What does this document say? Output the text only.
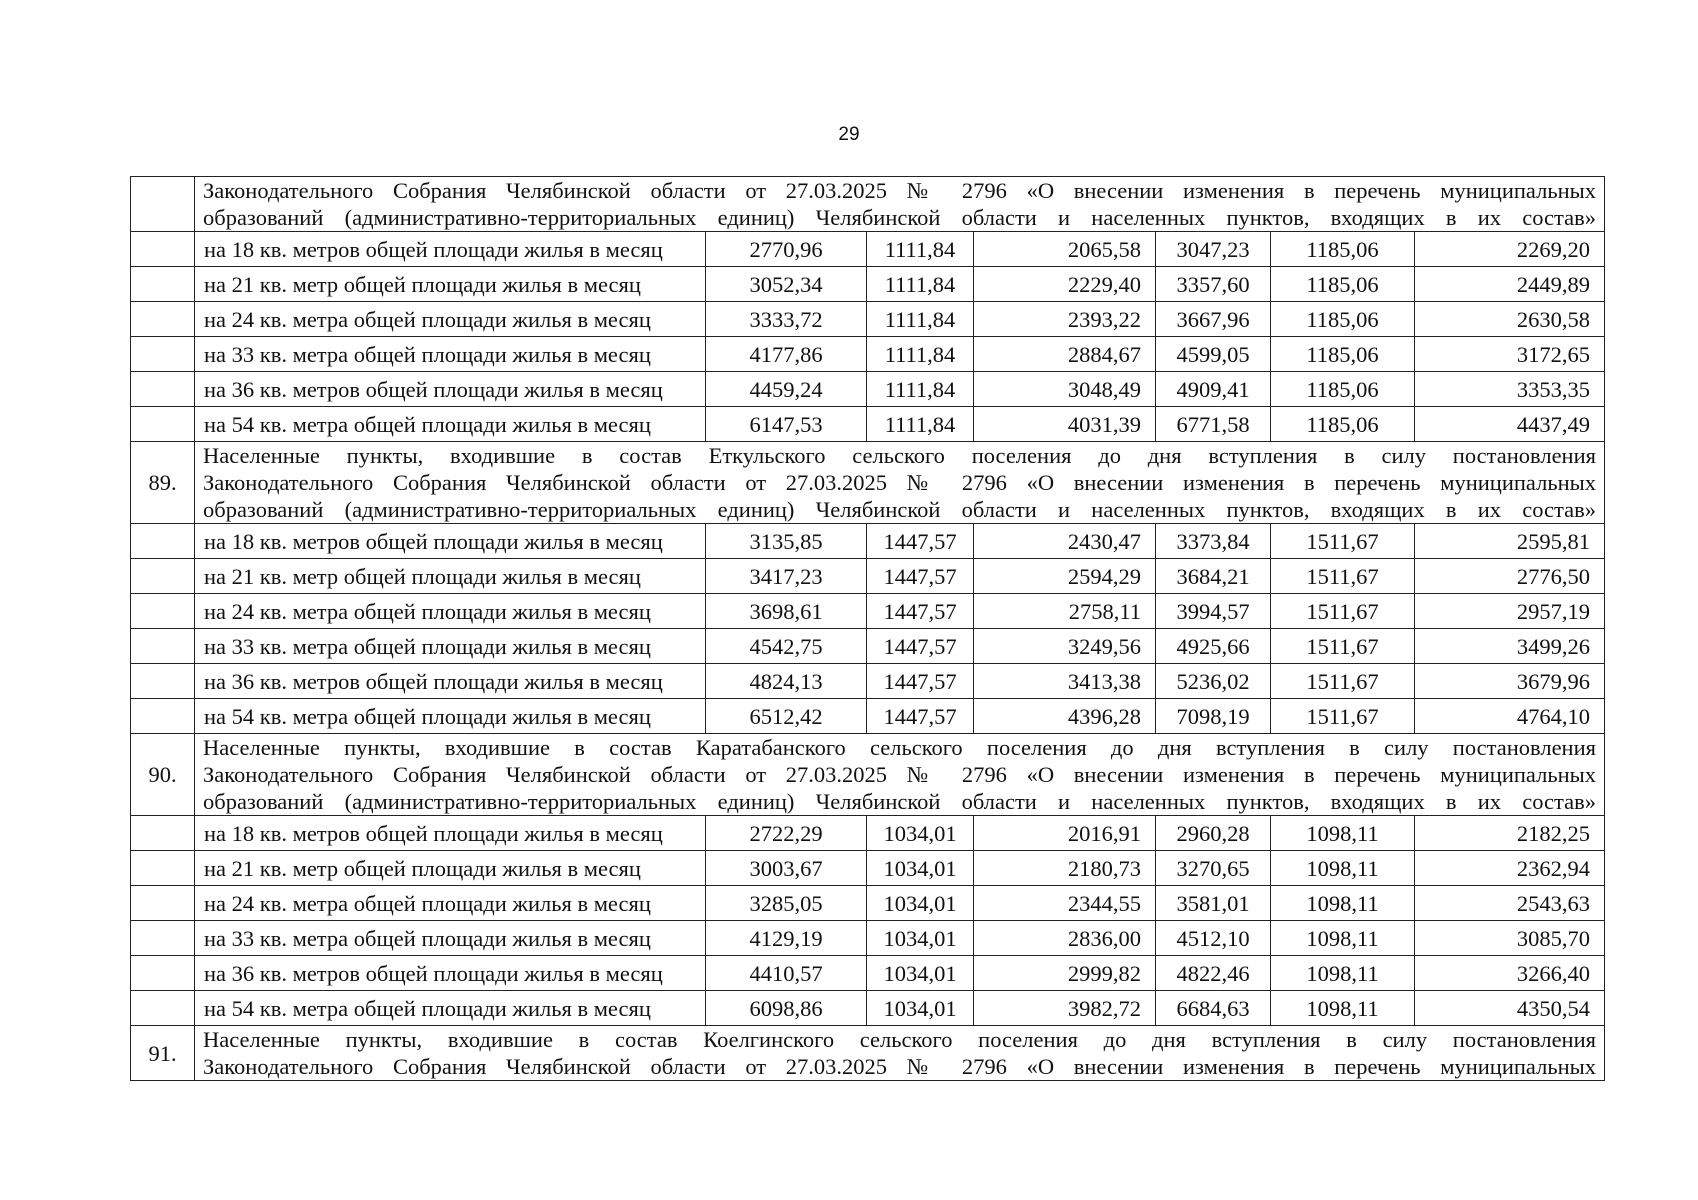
29

	Законодательного Собрания Челябинской области от 27.03.2025 № 2796 «О внесении изменения в перечень муниципальных
образований (административно-территориальных единиц) Челябинской области и населенных пунктов, входящих в их состав»						

	на 18 кв. метров общей площади жилья в месяц	2770,96	1111,84	2065,58	3047,23	1185,06	2269,20
	на 21 кв. метр общей площади жилья в месяц	3052,34	1111,84	2229,40	3357,60	1185,06	2449,89
	на 24 кв. метра общей площади жилья в месяц	3333,72	1111,84	2393,22	3667,96	1185,06	2630,58
	на 33 кв. метра общей площади жилья в месяц	4177,86	1111,84	2884,67	4599,05	1185,06	3172,65
	на 36 кв. метров общей площади жилья в месяц	4459,24	1111,84	3048,49	4909,41	1185,06	3353,35
	на 54 кв. метра общей площади жилья в месяц	6147,53	1111,84	4031,39	6771,58	1185,06	4437,49
89.	Населенные пункты, входившие в состав Еткульского сельского поселения до дня вступления в силу постановления
Законодательного Собрания Челябинской области от 27.03.2025 № 2796 «О внесении изменения в перечень муниципальных
образований (административно-территориальных единиц) Челябинской области и населенных пунктов, входящих в их состав»						

	на 18 кв. метров общей площади жилья в месяц	3135,85	1447,57	2430,47	3373,84	1511,67	2595,81
	на 21 кв. метр общей площади жилья в месяц	3417,23	1447,57	2594,29	3684,21	1511,67	2776,50
	на 24 кв. метра общей площади жилья в месяц	3698,61	1447,57	2758,11	3994,57	1511,67	2957,19
	на 33 кв. метра общей площади жилья в месяц	4542,75	1447,57	3249,56	4925,66	1511,67	3499,26
	на 36 кв. метров общей площади жилья в месяц	4824,13	1447,57	3413,38	5236,02	1511,67	3679,96
	на 54 кв. метра общей площади жилья в месяц	6512,42	1447,57	4396,28	7098,19	1511,67	4764,10
90.	Населенные пункты, входившие в состав Каратабанского сельского поселения до дня вступления в силу постановления
Законодательного Собрания Челябинской области от 27.03.2025 № 2796 «О внесении изменения в перечень муниципальных
образований (административно-территориальных единиц) Челябинской области и населенных пунктов, входящих в их состав»						

	на 18 кв. метров общей площади жилья в месяц	2722,29	1034,01	2016,91	2960,28	1098,11	2182,25
	на 21 кв. метр общей площади жилья в месяц	3003,67	1034,01	2180,73	3270,65	1098,11	2362,94
	на 24 кв. метра общей площади жилья в месяц	3285,05	1034,01	2344,55	3581,01	1098,11	2543,63
	на 33 кв. метра общей площади жилья в месяц	4129,19	1034,01	2836,00	4512,10	1098,11	3085,70
	на 36 кв. метров общей площади жилья в месяц	4410,57	1034,01	2999,82	4822,46	1098,11	3266,40
	на 54 кв. метра общей площади жилья в месяц	6098,86	1034,01	3982,72	6684,63	1098,11	4350,54
91.	Населенные пункты, входившие в состав Коелгинского сельского поселения до дня вступления в силу постановления
Законодательного Собрания Челябинской области от 27.03.2025 № 2796 «О внесении изменения в перечень муниципальных						
